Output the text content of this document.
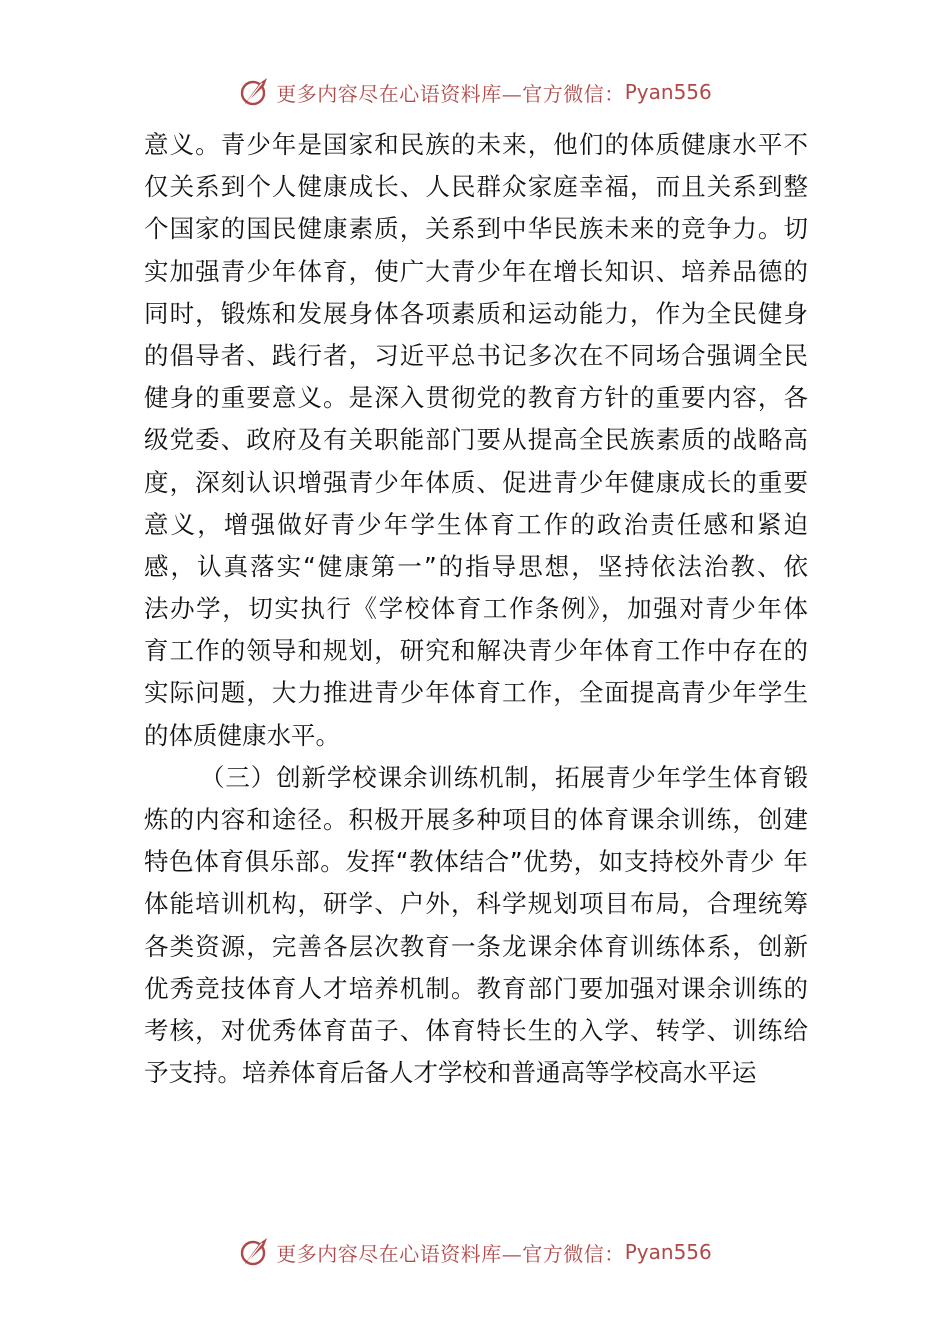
更多内容尽在心语资料库—官方微信： Pyan556
意义。青少年是国家和民族的未来，他们的体质健康水平不
仅关系到个人健康成长、人民群众家庭幸福，而且关系到整
个国家的国民健康素质，关系到中华民族未来的竞争力。切
实加强青少年体育，使广大青少年在增长知识、培养品德的
同时，锻炼和发展身体各项素质和运动能力，作为全民健身
的倡导者、践行者，习近平总书记多次在不同场合强调全民
健身的重要意义。是深入贯彻党的教育方针的重要内容，各
级党委、政府及有关职能部门要从提高全民族素质的战略高
度，深刻认识增强青少年体质、促进青少年健康成长的重要
意义，增强做好青少年学生体育工作的政治责任感和紧迫
感，认真落实“健康第一”的指导思想，坚持依法治教、依
法办学，切实执行《学校体育工作条例》，加强对青少年体
育工作的领导和规划，研究和解决青少年体育工作中存在的
实际问题，大力推进青少年体育工作，全面提高青少年学生
的体质健康水平。
（三）创新学校课余训练机制，拓展青少年学生体育锻
炼的内容和途径。积极开展多种项目的体育课余训练，创建
特色体育俱乐部。发挥“教体结合”优势，如支持校外青少 年
体能培训机构，研学、户外，科学规划项目布局，合理统筹
各类资源，完善各层次教育一条龙课余体育训练体系，创新
优秀竞技体育人才培养机制。教育部门要加强对课余训练的
考核，对优秀体育苗子、体育特长生的入学、转学、训练给
予支持。培养体育后备人才学校和普通高等学校高水平运
更多内容尽在心语资料库—官方微信： Pyan556
